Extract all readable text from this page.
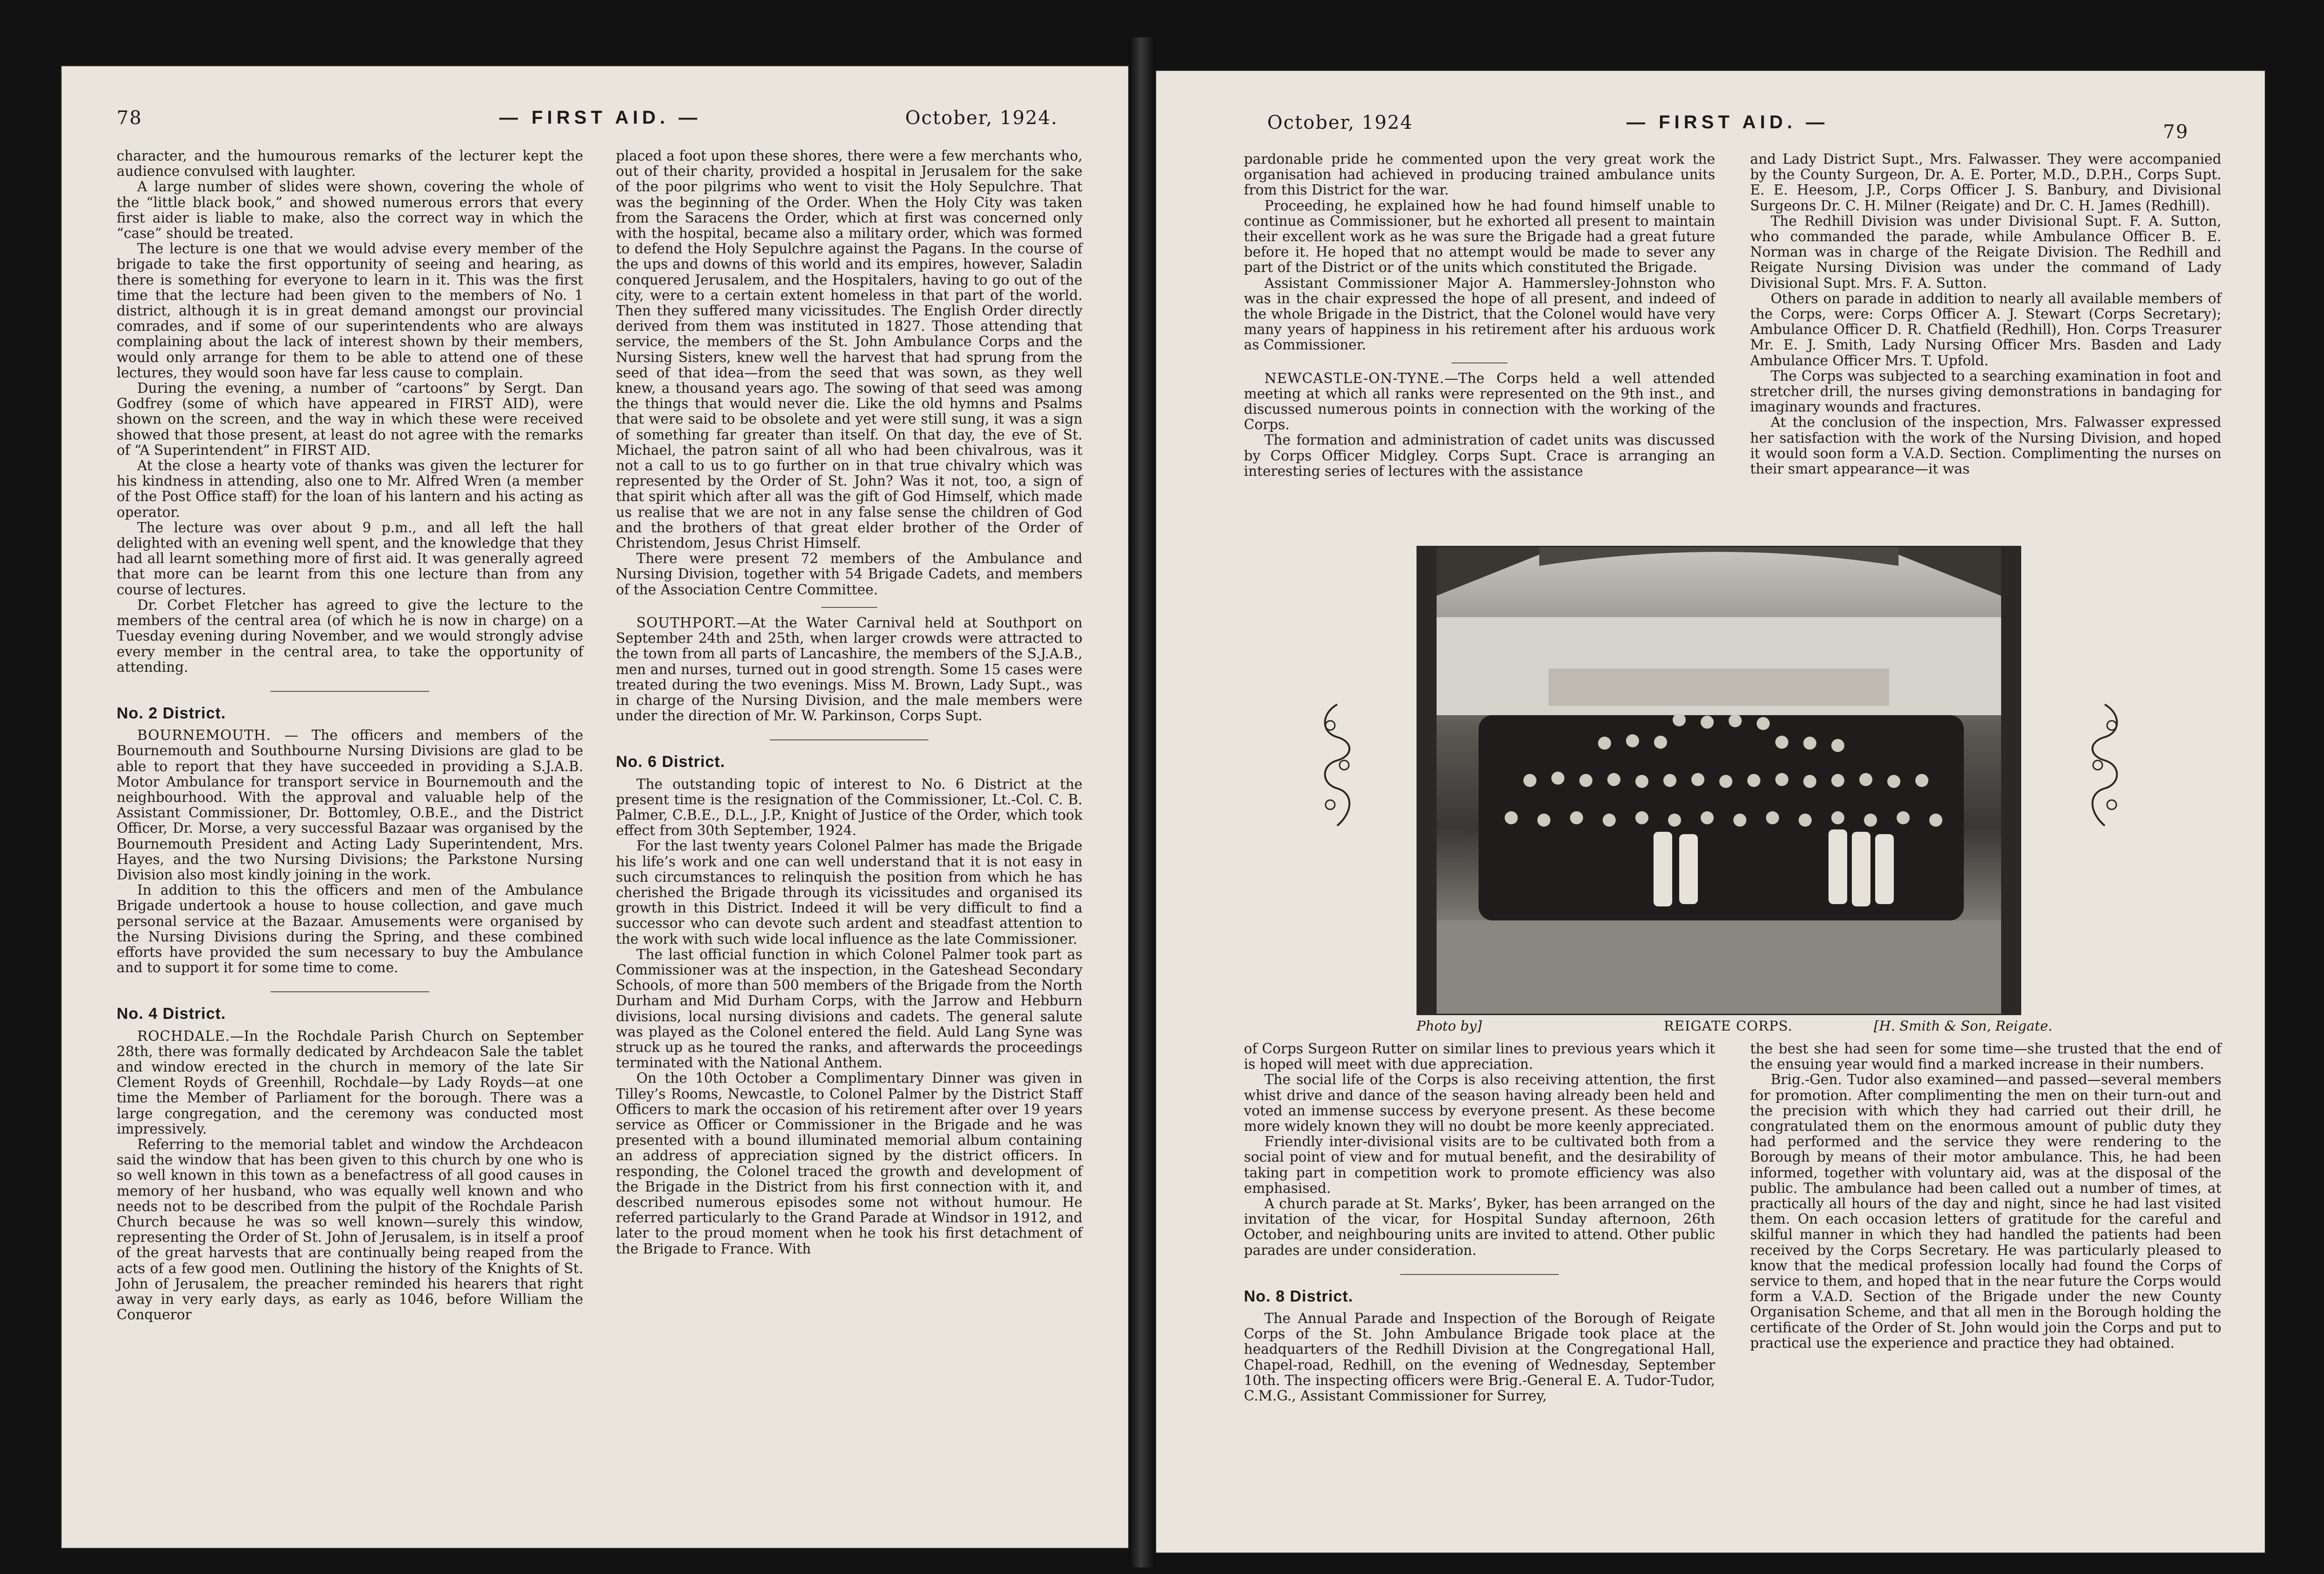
78	— FIRST AID. —	October, 1924.

character, and the humourous remarks of the lecturer kept the audience convulsed with laughter.

A large number of slides were shown, covering the whole of the “little black book,” and showed numerous errors that every first aider is liable to make, also the correct way in which the “case” should be treated.

The lecture is one that we would advise every member of the brigade to take the first opportunity of seeing and hearing, as there is something for everyone to learn in it. This was the first time that the lecture had been given to the members of No. 1 district, although it is in great demand amongst our provincial comrades, and if some of our superintendents who are always complaining about the lack of interest shown by their members, would only arrange for them to be able to attend one of these lectures, they would soon have far less cause to complain.

During the evening, a number of “cartoons” by Sergt. Dan Godfrey (some of which have appeared in FIRST AID), were shown on the screen, and the way in which these were received showed that those present, at least do not agree with the remarks of “A Superintendent” in FIRST AID.

At the close a hearty vote of thanks was given the lecturer for his kindness in attending, also one to Mr. Alfred Wren (a member of the Post Office staff) for the loan of his lantern and his acting as operator.

The lecture was over about 9 p.m., and all left the hall delighted with an evening well spent, and the knowledge that they had all learnt something more of first aid. It was generally agreed that more can be learnt from this one lecture than from any course of lectures.

Dr. Corbet Fletcher has agreed to give the lecture to the members of the central area (of which he is now in charge) on a Tuesday evening during November, and we would strongly advise every member in the central area, to take the opportunity of attending.

No. 2 District.

BOURNEMOUTH. — The officers and members of the Bournemouth and Southbourne Nursing Divisions are glad to be able to report that they have succeeded in providing a S.J.A.B. Motor Ambulance for transport service in Bournemouth and the neighbourhood. With the approval and valuable help of the Assistant Commissioner, Dr. Bottomley, O.B.E., and the District Officer, Dr. Morse, a very successful Bazaar was organised by the Bournemouth President and Acting Lady Superintendent, Mrs. Hayes, and the two Nursing Divisions; the Parkstone Nursing Division also most kindly joining in the work.

In addition to this the officers and men of the Ambulance Brigade undertook a house to house collection, and gave much personal service at the Bazaar. Amusements were organised by the Nursing Divisions during the Spring, and these combined efforts have provided the sum necessary to buy the Ambulance and to support it for some time to come.

No. 4 District.

ROCHDALE.—In the Rochdale Parish Church on September 28th, there was formally dedicated by Archdeacon Sale the tablet and window erected in the church in memory of the late Sir Clement Royds of Greenhill, Rochdale—by Lady Royds—at one time the Member of Parliament for the borough. There was a large congregation, and the ceremony was conducted most impressively.

Referring to the memorial tablet and window the Archdeacon said the window that has been given to this church by one who is so well known in this town as a benefactress of all good causes in memory of her husband, who was equally well known and who needs not to be described from the pulpit of the Rochdale Parish Church because he was so well known—surely this window, representing the Order of St. John of Jerusalem, is in itself a proof of the great harvests that are continually being reaped from the acts of a few good men. Outlining the history of the Knights of St. John of Jerusalem, the preacher reminded his hearers that right away in very early days, as early as 1046, before William the Conqueror

placed a foot upon these shores, there were a few merchants who, out of their charity, provided a hospital in Jerusalem for the sake of the poor pilgrims who went to visit the Holy Sepulchre. That was the beginning of the Order. When the Holy City was taken from the Saracens the Order, which at first was concerned only with the hospital, became also a military order, which was formed to defend the Holy Sepulchre against the Pagans. In the course of the ups and downs of this world and its empires, however, Saladin conquered Jerusalem, and the Hospitalers, having to go out of the city, were to a certain extent homeless in that part of the world. Then they suffered many vicissitudes. The English Order directly derived from them was instituted in 1827. Those attending that service, the members of the St. John Ambulance Corps and the Nursing Sisters, knew well the harvest that had sprung from the seed of that idea—from the seed that was sown, as they well knew, a thousand years ago. The sowing of that seed was among the things that would never die. Like the old hymns and Psalms that were said to be obsolete and yet were still sung, it was a sign of something far greater than itself. On that day, the eve of St. Michael, the patron saint of all who had been chivalrous, was it not a call to us to go further on in that true chivalry which was represented by the Order of St. John? Was it not, too, a sign of that spirit which after all was the gift of God Himself, which made us realise that we are not in any false sense the children of God and the brothers of that great elder brother of the Order of Christendom, Jesus Christ Himself.

There were present 72 members of the Ambulance and Nursing Division, together with 54 Brigade Cadets, and members of the Association Centre Committee.

SOUTHPORT.—At the Water Carnival held at Southport on September 24th and 25th, when larger crowds were attracted to the town from all parts of Lancashire, the members of the S.J.A.B., men and nurses, turned out in good strength. Some 15 cases were treated during the two evenings. Miss M. Brown, Lady Supt., was in charge of the Nursing Division, and the male members were under the direction of Mr. W. Parkinson, Corps Supt.

No. 6 District.

The outstanding topic of interest to No. 6 District at the present time is the resignation of the Commissioner, Lt.-Col. C. B. Palmer, C.B.E., D.L., J.P., Knight of Justice of the Order, which took effect from 30th September, 1924.

For the last twenty years Colonel Palmer has made the Brigade his life’s work and one can well understand that it is not easy in such circumstances to relinquish the position from which he has cherished the Brigade through its vicissitudes and organised its growth in this District. Indeed it will be very difficult to find a successor who can devote such ardent and steadfast attention to the work with such wide local influence as the late Commissioner.

The last official function in which Colonel Palmer took part as Commissioner was at the inspection, in the Gateshead Secondary Schools, of more than 500 members of the Brigade from the North Durham and Mid Durham Corps, with the Jarrow and Hebburn divisions, local nursing divisions and cadets. The general salute was played as the Colonel entered the field. Auld Lang Syne was struck up as he toured the ranks, and afterwards the proceedings terminated with the National Anthem.

On the 10th October a Complimentary Dinner was given in Tilley’s Rooms, Newcastle, to Colonel Palmer by the District Staff Officers to mark the occasion of his retirement after over 19 years service as Officer or Commissioner in the Brigade and he was presented with a bound illuminated memorial album containing an address of appreciation signed by the district officers. In responding, the Colonel traced the growth and development of the Brigade in the District from his first connection with it, and described numerous episodes some not without humour. He referred particularly to the Grand Parade at Windsor in 1912, and later to the proud moment when he took his first detachment of the Brigade to France. With

October, 1924	— FIRST AID. —	79

pardonable pride he commented upon the very great work the organisation had achieved in producing trained ambulance units from this District for the war.

Proceeding, he explained how he had found himself unable to continue as Commissioner, but he exhorted all present to maintain their excellent work as he was sure the Brigade had a great future before it. He hoped that no attempt would be made to sever any part of the District or of the units which constituted the Brigade.

Assistant Commissioner Major A. Hammersley-Johnston who was in the chair expressed the hope of all present, and indeed of the whole Brigade in the District, that the Colonel would have very many years of happiness in his retirement after his arduous work as Commissioner.

NEWCASTLE-ON-TYNE.—The Corps held a well attended meeting at which all ranks were represented on the 9th inst., and discussed numerous points in connection with the working of the Corps.

The formation and administration of cadet units was discussed by Corps Officer Midgley. Corps Supt. Crace is arranging an interesting series of lectures with the assistance

and Lady District Supt., Mrs. Falwasser. They were accompanied by the County Surgeon, Dr. A. E. Porter, M.D., D.P.H., Corps Supt. E. E. Heesom, J.P., Corps Officer J. S. Banbury, and Divisional Surgeons Dr. C. H. Milner (Reigate) and Dr. C. H. James (Redhill).

The Redhill Division was under Divisional Supt. F. A. Sutton, who commanded the parade, while Ambulance Officer B. E. Norman was in charge of the Reigate Division. The Redhill and Reigate Nursing Division was under the command of Lady Divisional Supt. Mrs. F. A. Sutton.

Others on parade in addition to nearly all available members of the Corps, were: Corps Officer A. J. Stewart (Corps Secretary); Ambulance Officer D. R. Chatfield (Redhill), Hon. Corps Treasurer Mr. E. J. Smith, Lady Nursing Officer Mrs. Basden and Lady Ambulance Officer Mrs. T. Upfold.

The Corps was subjected to a searching examination in foot and stretcher drill, the nurses giving demonstrations in bandaging for imaginary wounds and fractures.

At the conclusion of the inspection, Mrs. Falwasser expressed her satisfaction with the work of the Nursing Division, and hoped it would soon form a V.A.D. Section. Complimenting the nurses on their smart appearance—it was

Photo by]	REIGATE CORPS.	[H. Smith & Son, Reigate.

of Corps Surgeon Rutter on similar lines to previous years which it is hoped will meet with due appreciation.

The social life of the Corps is also receiving attention, the first whist drive and dance of the season having already been held and voted an immense success by everyone present. As these become more widely known they will no doubt be more keenly appreciated.

Friendly inter-divisional visits are to be cultivated both from a social point of view and for mutual benefit, and the desirability of taking part in competition work to promote efficiency was also emphasised.

A church parade at St. Marks’, Byker, has been arranged on the invitation of the vicar, for Hospital Sunday afternoon, 26th October, and neighbouring units are invited to attend. Other public parades are under consideration.

No. 8 District.

The Annual Parade and Inspection of the Borough of Reigate Corps of the St. John Ambulance Brigade took place at the headquarters of the Redhill Division at the Congregational Hall, Chapel-road, Redhill, on the evening of Wednesday, September 10th. The inspecting officers were Brig.-General E. A. Tudor-Tudor, C.M.G., Assistant Commissioner for Surrey,

the best she had seen for some time—she trusted that the end of the ensuing year would find a marked increase in their numbers.

Brig.-Gen. Tudor also examined—and passed—several members for promotion. After complimenting the men on their turn-out and the precision with which they had carried out their drill, he congratulated them on the enormous amount of public duty they had performed and the service they were rendering to the Borough by means of their motor ambulance. This, he had been informed, together with voluntary aid, was at the disposal of the public. The ambulance had been called out a number of times, at practically all hours of the day and night, since he had last visited them. On each occasion letters of gratitude for the careful and skilful manner in which they had handled the patients had been received by the Corps Secretary. He was particularly pleased to know that the medical profession locally had found the Corps of service to them, and hoped that in the near future the Corps would form a V.A.D. Section of the Brigade under the new County Organisation Scheme, and that all men in the Borough holding the certificate of the Order of St. John would join the Corps and put to practical use the experience and practice they had obtained.
